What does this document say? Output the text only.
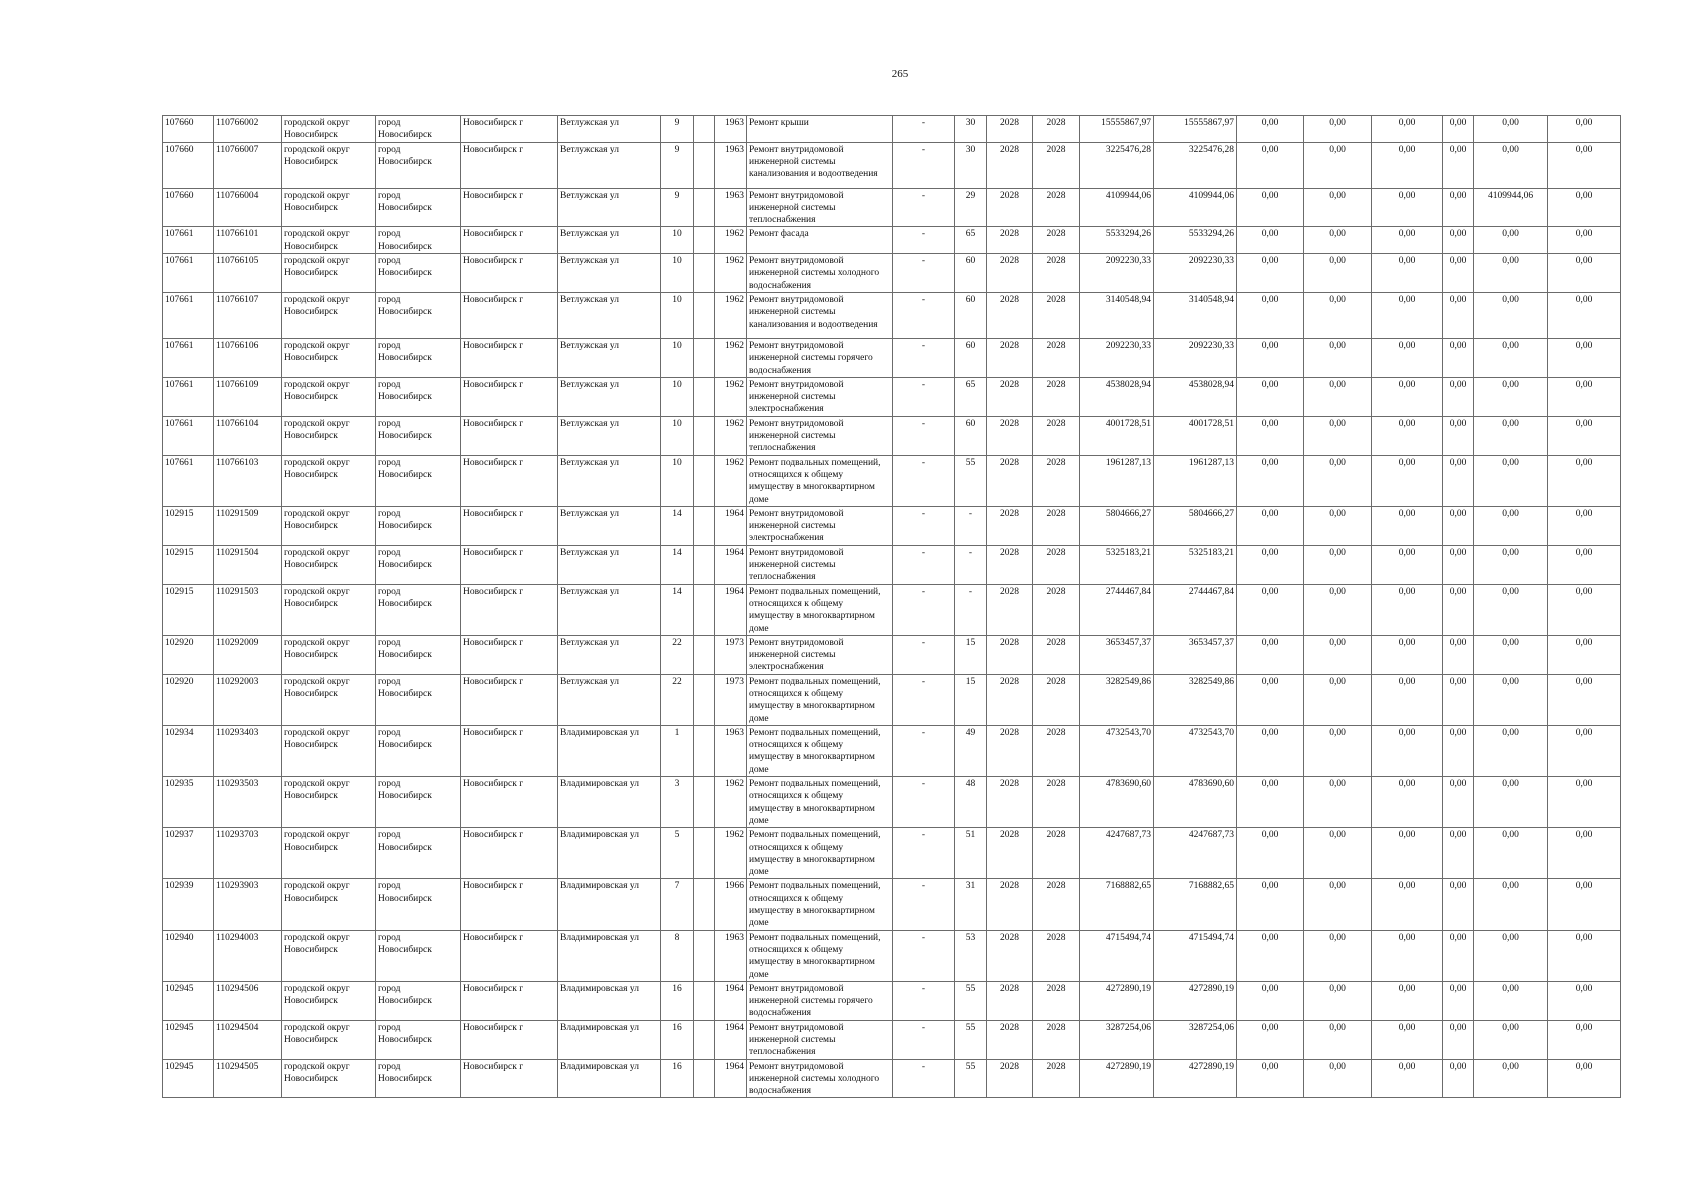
265
107660	110766002	городской округ
Новосибирск	город
Новосибирск	Новосибирск г	Ветлужская ул	9		1963	Ремонт крыши	-	30	2028	2028	15555867,97	15555867,97	0,00	0,00	0,00	0,00	0,00	0,00
107660	110766007	городской округ
Новосибирск	город
Новосибирск	Новосибирск г	Ветлужская ул	9		1963	Ремонт внутридомовой
инженерной системы
канализования и водоотведения	-	30	2028	2028	3225476,28	3225476,28	0,00	0,00	0,00	0,00	0,00	0,00
107660	110766004	городской округ
Новосибирск	город
Новосибирск	Новосибирск г	Ветлужская ул	9		1963	Ремонт внутридомовой
инженерной системы
теплоснабжения	-	29	2028	2028	4109944,06	4109944,06	0,00	0,00	0,00	0,00	4109944,06	0,00
107661	110766101	городской округ
Новосибирск	город
Новосибирск	Новосибирск г	Ветлужская ул	10		1962	Ремонт фасада	-	65	2028	2028	5533294,26	5533294,26	0,00	0,00	0,00	0,00	0,00	0,00
107661	110766105	городской округ
Новосибирск	город
Новосибирск	Новосибирск г	Ветлужская ул	10		1962	Ремонт внутридомовой
инженерной системы холодного
водоснабжения	-	60	2028	2028	2092230,33	2092230,33	0,00	0,00	0,00	0,00	0,00	0,00
107661	110766107	городской округ
Новосибирск	город
Новосибирск	Новосибирск г	Ветлужская ул	10		1962	Ремонт внутридомовой
инженерной системы
канализования и водоотведения	-	60	2028	2028	3140548,94	3140548,94	0,00	0,00	0,00	0,00	0,00	0,00
107661	110766106	городской округ
Новосибирск	город
Новосибирск	Новосибирск г	Ветлужская ул	10		1962	Ремонт внутридомовой
инженерной системы горячего
водоснабжения	-	60	2028	2028	2092230,33	2092230,33	0,00	0,00	0,00	0,00	0,00	0,00
107661	110766109	городской округ
Новосибирск	город
Новосибирск	Новосибирск г	Ветлужская ул	10		1962	Ремонт внутридомовой
инженерной системы
электроснабжения	-	65	2028	2028	4538028,94	4538028,94	0,00	0,00	0,00	0,00	0,00	0,00
107661	110766104	городской округ
Новосибирск	город
Новосибирск	Новосибирск г	Ветлужская ул	10		1962	Ремонт внутридомовой
инженерной системы
теплоснабжения	-	60	2028	2028	4001728,51	4001728,51	0,00	0,00	0,00	0,00	0,00	0,00
107661	110766103	городской округ
Новосибирск	город
Новосибирск	Новосибирск г	Ветлужская ул	10		1962	Ремонт подвальных помещений,
относящихся к общему
имуществу в многоквартирном
доме	-	55	2028	2028	1961287,13	1961287,13	0,00	0,00	0,00	0,00	0,00	0,00
102915	110291509	городской округ
Новосибирск	город
Новосибирск	Новосибирск г	Ветлужская ул	14		1964	Ремонт внутридомовой
инженерной системы
электроснабжения	-	-	2028	2028	5804666,27	5804666,27	0,00	0,00	0,00	0,00	0,00	0,00
102915	110291504	городской округ
Новосибирск	город
Новосибирск	Новосибирск г	Ветлужская ул	14		1964	Ремонт внутридомовой
инженерной системы
теплоснабжения	-	-	2028	2028	5325183,21	5325183,21	0,00	0,00	0,00	0,00	0,00	0,00
102915	110291503	городской округ
Новосибирск	город
Новосибирск	Новосибирск г	Ветлужская ул	14		1964	Ремонт подвальных помещений,
относящихся к общему
имуществу в многоквартирном
доме	-	-	2028	2028	2744467,84	2744467,84	0,00	0,00	0,00	0,00	0,00	0,00
102920	110292009	городской округ
Новосибирск	город
Новосибирск	Новосибирск г	Ветлужская ул	22		1973	Ремонт внутридомовой
инженерной системы
электроснабжения	-	15	2028	2028	3653457,37	3653457,37	0,00	0,00	0,00	0,00	0,00	0,00
102920	110292003	городской округ
Новосибирск	город
Новосибирск	Новосибирск г	Ветлужская ул	22		1973	Ремонт подвальных помещений,
относящихся к общему
имуществу в многоквартирном
доме	-	15	2028	2028	3282549,86	3282549,86	0,00	0,00	0,00	0,00	0,00	0,00
102934	110293403	городской округ
Новосибирск	город
Новосибирск	Новосибирск г	Владимировская ул	1		1963	Ремонт подвальных помещений,
относящихся к общему
имуществу в многоквартирном
доме	-	49	2028	2028	4732543,70	4732543,70	0,00	0,00	0,00	0,00	0,00	0,00
102935	110293503	городской округ
Новосибирск	город
Новосибирск	Новосибирск г	Владимировская ул	3		1962	Ремонт подвальных помещений,
относящихся к общему
имуществу в многоквартирном
доме	-	48	2028	2028	4783690,60	4783690,60	0,00	0,00	0,00	0,00	0,00	0,00
102937	110293703	городской округ
Новосибирск	город
Новосибирск	Новосибирск г	Владимировская ул	5		1962	Ремонт подвальных помещений,
относящихся к общему
имуществу в многоквартирном
доме	-	51	2028	2028	4247687,73	4247687,73	0,00	0,00	0,00	0,00	0,00	0,00
102939	110293903	городской округ
Новосибирск	город
Новосибирск	Новосибирск г	Владимировская ул	7		1966	Ремонт подвальных помещений,
относящихся к общему
имуществу в многоквартирном
доме	-	31	2028	2028	7168882,65	7168882,65	0,00	0,00	0,00	0,00	0,00	0,00
102940	110294003	городской округ
Новосибирск	город
Новосибирск	Новосибирск г	Владимировская ул	8		1963	Ремонт подвальных помещений,
относящихся к общему
имуществу в многоквартирном
доме	-	53	2028	2028	4715494,74	4715494,74	0,00	0,00	0,00	0,00	0,00	0,00
102945	110294506	городской округ
Новосибирск	город
Новосибирск	Новосибирск г	Владимировская ул	16		1964	Ремонт внутридомовой
инженерной системы горячего
водоснабжения	-	55	2028	2028	4272890,19	4272890,19	0,00	0,00	0,00	0,00	0,00	0,00
102945	110294504	городской округ
Новосибирск	город
Новосибирск	Новосибирск г	Владимировская ул	16		1964	Ремонт внутридомовой
инженерной системы
теплоснабжения	-	55	2028	2028	3287254,06	3287254,06	0,00	0,00	0,00	0,00	0,00	0,00
102945	110294505	городской округ
Новосибирск	город
Новосибирск	Новосибирск г	Владимировская ул	16		1964	Ремонт внутридомовой
инженерной системы холодного
водоснабжения	-	55	2028	2028	4272890,19	4272890,19	0,00	0,00	0,00	0,00	0,00	0,00
